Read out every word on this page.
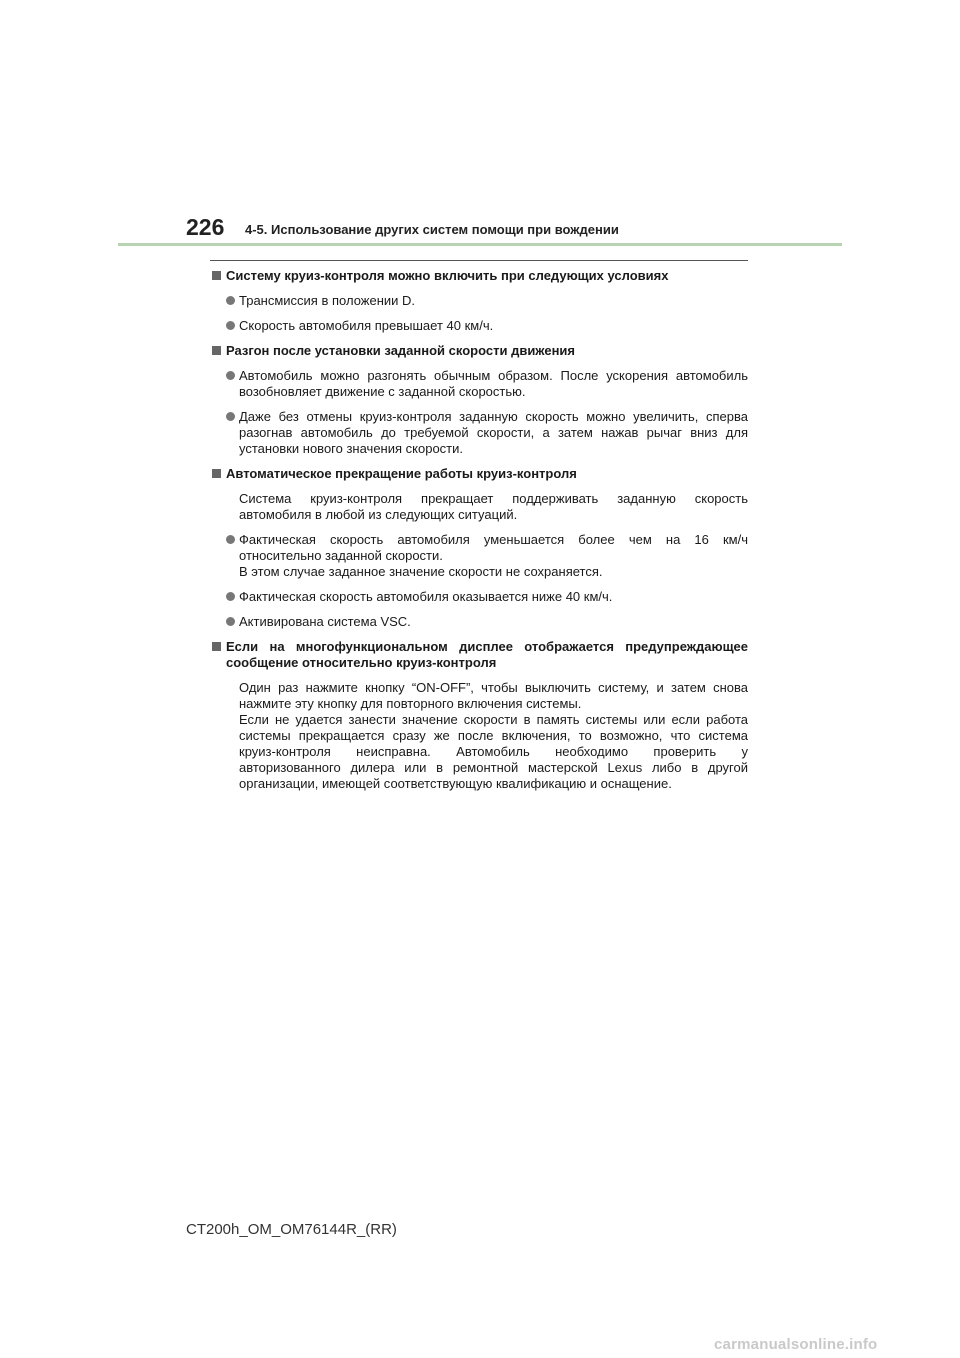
226 4-5. Использование других систем помощи при вождении
Систему круиз-контроля можно включить при следующих условиях
Трансмиссия в положении D.
Скорость автомобиля превышает 40 км/ч.
Разгон после установки заданной скорости движения
Автомобиль можно разгонять обычным образом. После ускорения автомобиль
возобновляет движение с заданной скоростью.
Даже без отмены круиз-контроля заданную скорость можно увеличить, сперва
разогнав автомобиль до требуемой скорости, а затем нажав рычаг вниз для
установки нового значения скорости.
Автоматическое прекращение работы круиз-контроля
Система круиз-контроля прекращает поддерживать заданную скорость
автомобиля в любой из следующих ситуаций.
Фактическая скорость автомобиля уменьшается более чем на 16 км/ч
относительно заданной скорости.
В этом случае заданное значение скорости не сохраняется.
Фактическая скорость автомобиля оказывается ниже 40 км/ч.
Активирована система VSC.
Если на многофункциональном дисплее отображается предупреждающее
сообщение относительно круиз-контроля
Один раз нажмите кнопку “ON-OFF”, чтобы выключить систему, и затем снова
нажмите эту кнопку для повторного включения системы.
Если не удается занести значение скорости в память системы или если работа
системы прекращается сразу же после включения, то возможно, что система
круиз-контроля неисправна. Автомобиль необходимо проверить у
авторизованного дилера или в ремонтной мастерской Lexus либо в другой
организации, имеющей соответствующую квалификацию и оснащение.
CT200h_OM_OM76144R_(RR)
carmanualsonline.info
